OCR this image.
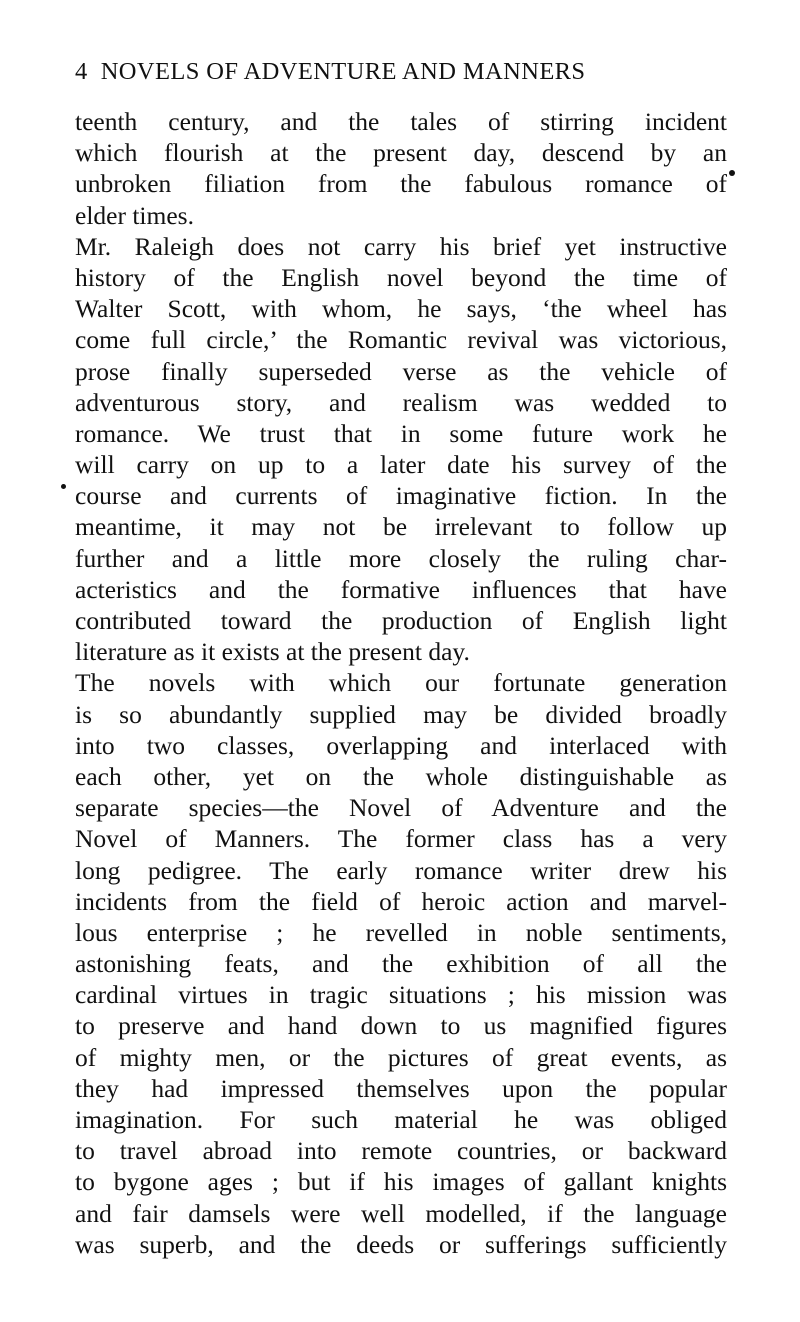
4 NOVELS OF ADVENTURE AND MANNERS
teenth century, and the tales of stirring incident
which flourish at the present day, descend by an
unbroken filiation from the fabulous romance of
elder times.
Mr. Raleigh does not carry his brief yet instructive
history of the English novel beyond the time of
Walter Scott, with whom, he says, ‘the wheel has
come full circle,’ the Romantic revival was victorious,
prose finally superseded verse as the vehicle of
adventurous story, and realism was wedded to
romance. We trust that in some future work he
will carry on up to a later date his survey of the
course and currents of imaginative fiction. In the
meantime, it may not be irrelevant to follow up
further and a little more closely the ruling char-
acteristics and the formative influences that have
contributed toward the production of English light
literature as it exists at the present day.
The novels with which our fortunate generation
is so abundantly supplied may be divided broadly
into two classes, overlapping and interlaced with
each other, yet on the whole distinguishable as
separate species—the Novel of Adventure and the
Novel of Manners. The former class has a very
long pedigree. The early romance writer drew his
incidents from the field of heroic action and marvel-
lous enterprise ; he revelled in noble sentiments,
astonishing feats, and the exhibition of all the
cardinal virtues in tragic situations ; his mission was
to preserve and hand down to us magnified figures
of mighty men, or the pictures of great events, as
they had impressed themselves upon the popular
imagination. For such material he was obliged
to travel abroad into remote countries, or backward
to bygone ages ; but if his images of gallant knights
and fair damsels were well modelled, if the language
was superb, and the deeds or sufferings sufficiently
